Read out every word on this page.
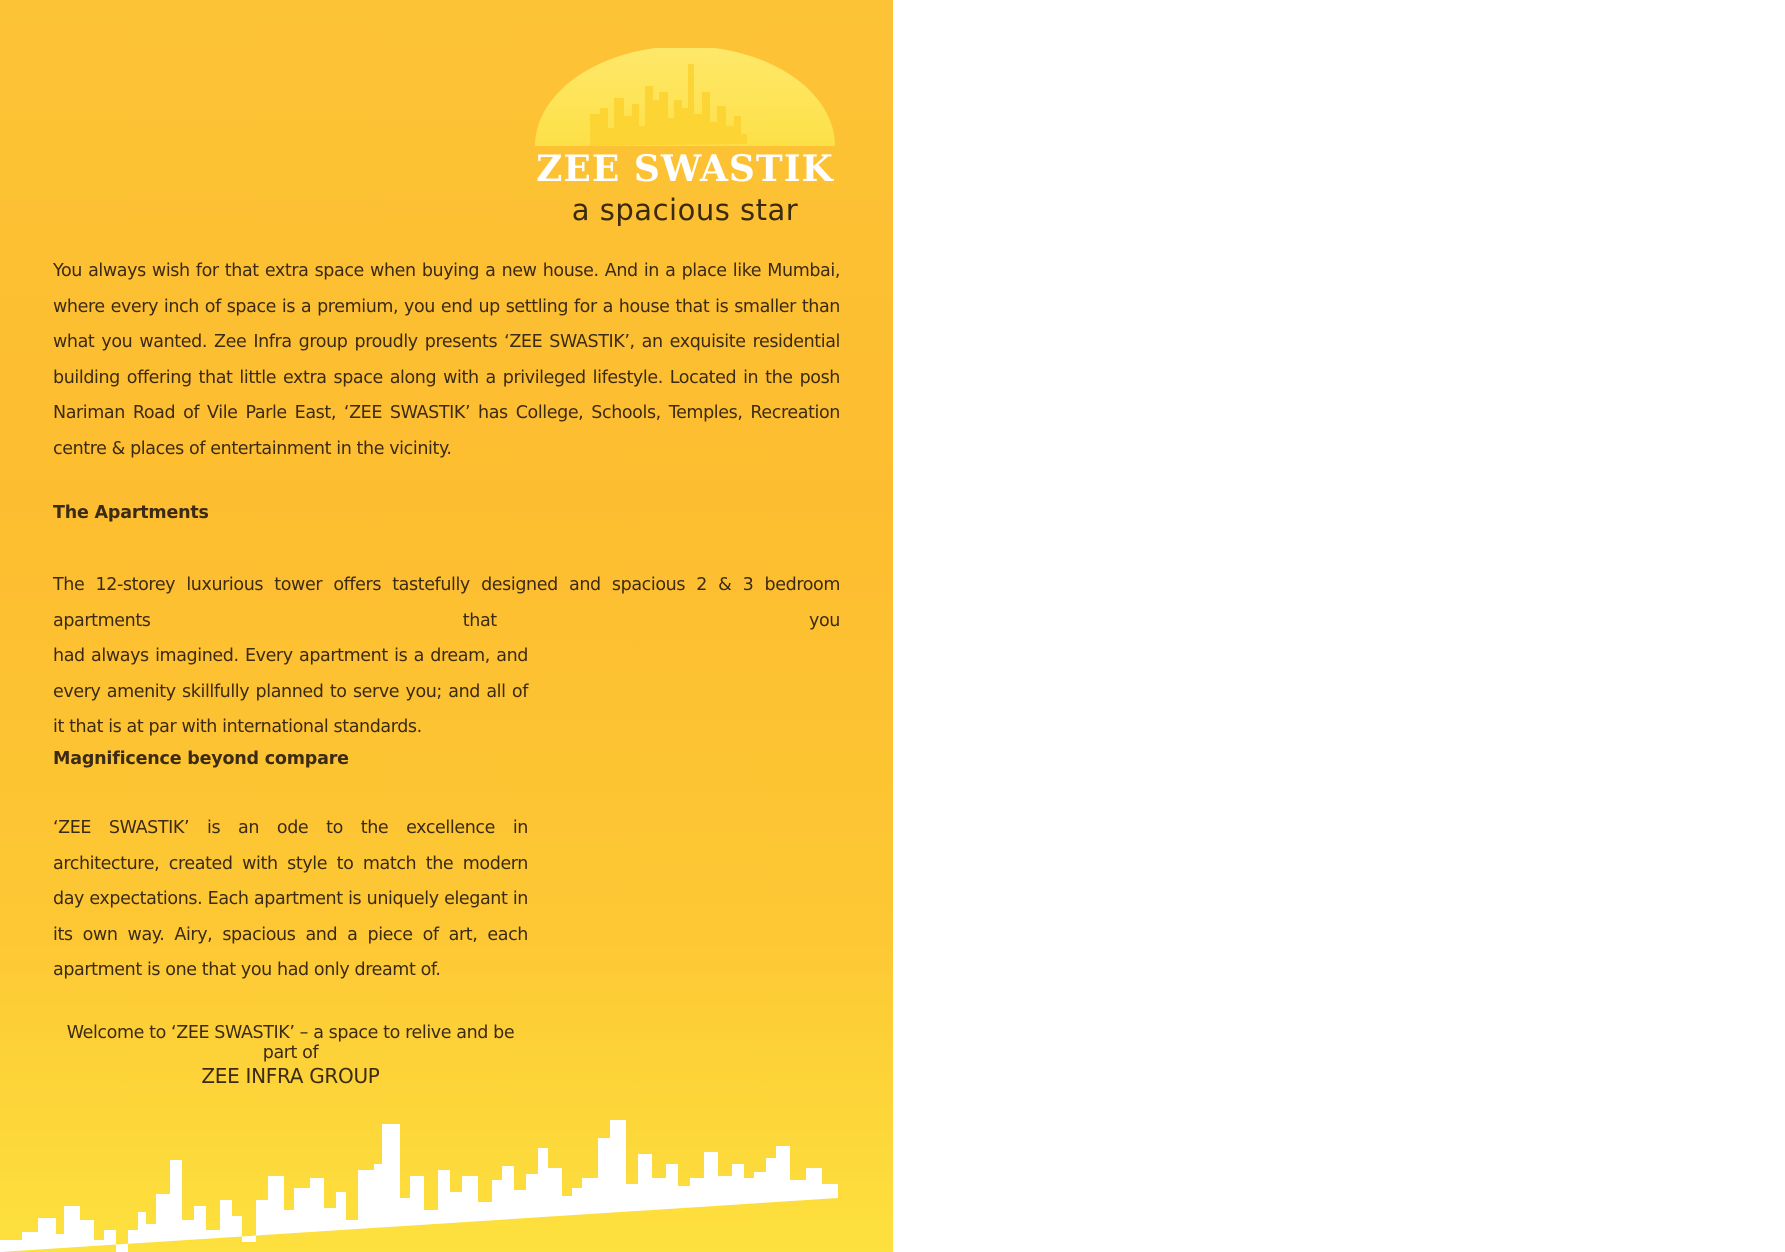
ZEE SWASTIK
a spacious star

You always wish for that extra space when buying a new house. And in a place like Mumbai, where every inch of space is a premium, you end up settling for a house that is smaller than what you wanted. Zee Infra group proudly presents ‘ZEE SWASTIK’, an exquisite residential building offering that little extra space along with a privileged lifestyle. Located in the posh Nariman Road of Vile Parle East, ‘ZEE SWASTIK’ has College, Schools, Temples, Recreation centre & places of entertainment in the vicinity.

The Apartments

The 12-storey luxurious tower offers tastefully designed and spacious 2 & 3 bedroom apartments that you
had always imagined. Every apartment is a dream, and every amenity skillfully planned to serve you; and all of it that is at par with international standards.

Magnificence beyond compare

‘ZEE SWASTIK’ is an ode to the excellence in architecture, created with style to match the modern day expectations. Each apartment is uniquely elegant in its own way. Airy, spacious and a piece of art, each apartment is one that you had only dreamt of.

Welcome to ‘ZEE SWASTIK’ – a space to relive and be part of
ZEE INFRA GROUP
